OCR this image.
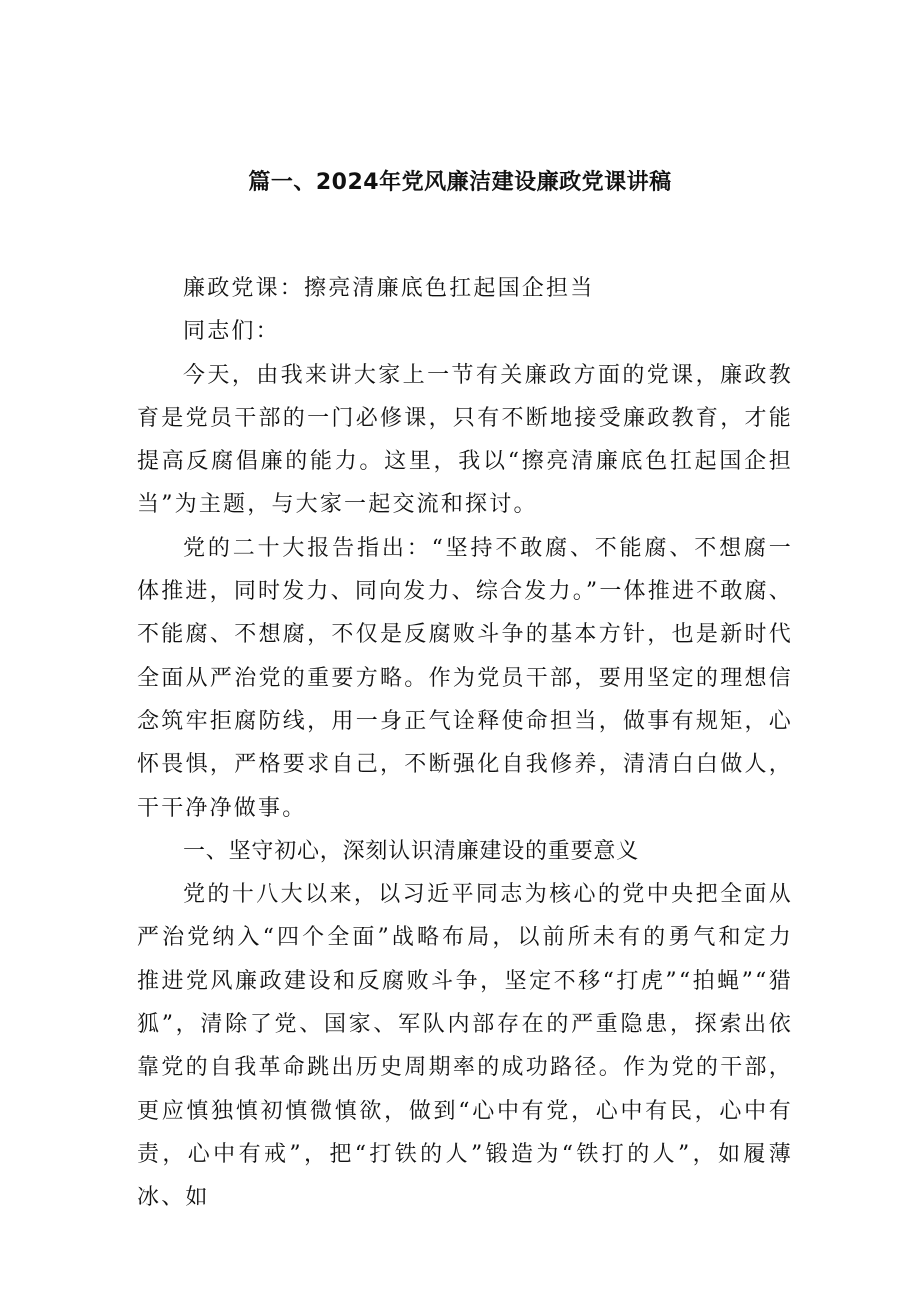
篇一、2024年党风廉洁建设廉政党课讲稿

廉政党课：擦亮清廉底色扛起国企担当

同志们：

今天，由我来讲大家上一节有关廉政方面的党课，廉政教育是党员干部的一门必修课，只有不断地接受廉政教育，才能提高反腐倡廉的能力。这里，我以“擦亮清廉底色扛起国企担当”为主题，与大家一起交流和探讨。

党的二十大报告指出：“坚持不敢腐、不能腐、不想腐一体推进，同时发力、同向发力、综合发力。”一体推进不敢腐、不能腐、不想腐，不仅是反腐败斗争的基本方针，也是新时代全面从严治党的重要方略。作为党员干部，要用坚定的理想信念筑牢拒腐防线，用一身正气诠释使命担当，做事有规矩，心怀畏惧，严格要求自己，不断强化自我修养，清清白白做人，干干净净做事。

一、坚守初心，深刻认识清廉建设的重要意义

党的十八大以来，以习近平同志为核心的党中央把全面从严治党纳入“四个全面”战略布局，以前所未有的勇气和定力推进党风廉政建设和反腐败斗争，坚定不移“打虎”“拍蝇”“猎狐”，清除了党、国家、军队内部存在的严重隐患，探索出依靠党的自我革命跳出历史周期率的成功路径。作为党的干部，更应慎独慎初慎微慎欲，做到“心中有党，心中有民，心中有责，心中有戒”，把“打铁的人”锻造为“铁打的人”，如履薄冰、如
